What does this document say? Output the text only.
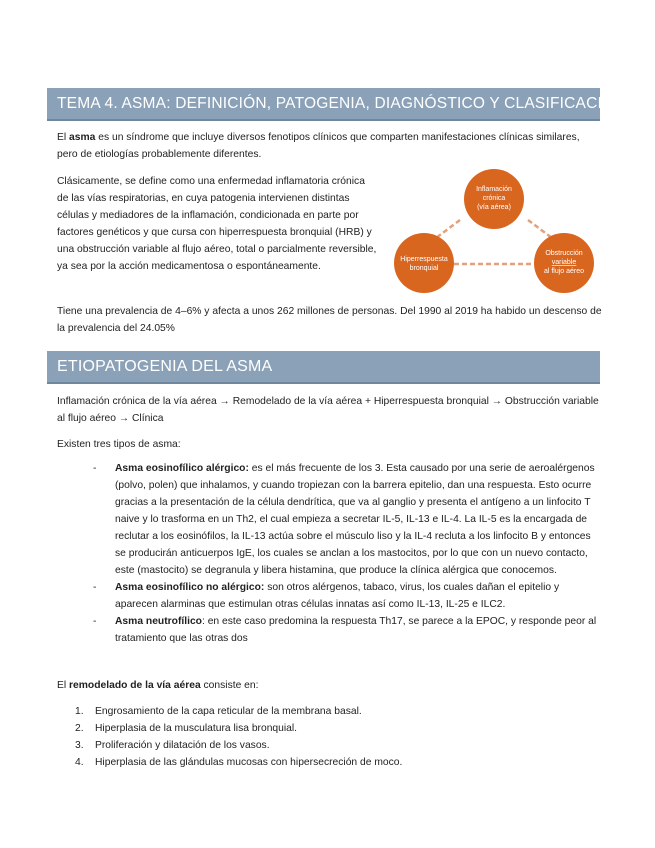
TEMA 4. ASMA: DEFINICIÓN, PATOGENIA, DIAGNÓSTICO Y CLASIFICACIÓN

El asma es un síndrome que incluye diversos fenotipos clínicos que comparten manifestaciones clínicas similares, pero de etiologías probablemente diferentes.

Clásicamente, se define como una enfermedad inflamatoria crónica de las vías respiratorias, en cuya patogenia intervienen distintas células y mediadores de la inflamación, condicionada en parte por factores genéticos y que cursa con hiperrespuesta bronquial (HRB) y una obstrucción variable al flujo aéreo, total o parcialmente reversible, ya sea por la acción medicamentosa o espontáneamente.

Inflamación
crónica
(vía aérea)
Hiperrespuesta
bronquial
Obstrucción
variable
al flujo aéreo

Tiene una prevalencia de 4–6% y afecta a unos 262 millones de personas. Del 1990 al 2019 ha habido un descenso de la prevalencia del 24.05%

ETIOPATOGENIA DEL ASMA

Inflamación crónica de la vía aérea → Remodelado de la vía aérea + Hiperrespuesta bronquial → Obstrucción variable al flujo aéreo → Clínica

Existen tres tipos de asma:

- Asma eosinofílico alérgico: es el más frecuente de los 3. Esta causado por una serie de aeroalérgenos (polvo, polen) que inhalamos, y cuando tropiezan con la barrera epitelio, dan una respuesta. Esto ocurre gracias a la presentación de la célula dendrítica, que va al ganglio y presenta el antígeno a un linfocito T naive y lo trasforma en un Th2, el cual empieza a secretar IL-5, IL-13 e IL-4. La IL-5 es la encargada de reclutar a los eosinófilos, la IL-13 actúa sobre el músculo liso y la IL-4 recluta a los linfocito B y entonces se producirán anticuerpos IgE, los cuales se anclan a los mastocitos, por lo que con un nuevo contacto, este (mastocito) se degranula y libera histamina, que produce la clínica alérgica que conocemos.
- Asma eosinofílico no alérgico: son otros alérgenos, tabaco, virus, los cuales dañan el epitelio y aparecen alarminas que estimulan otras células innatas así como IL-13, IL-25 e ILC2.
- Asma neutrofílico: en este caso predomina la respuesta Th17, se parece a la EPOC, y responde peor al tratamiento que las otras dos

El remodelado de la vía aérea consiste en:

1.	Engrosamiento de la capa reticular de la membrana basal.
2.	Hiperplasia de la musculatura lisa bronquial.
3.	Proliferación y dilatación de los vasos.
4.	Hiperplasia de las glándulas mucosas con hipersecreción de moco.
